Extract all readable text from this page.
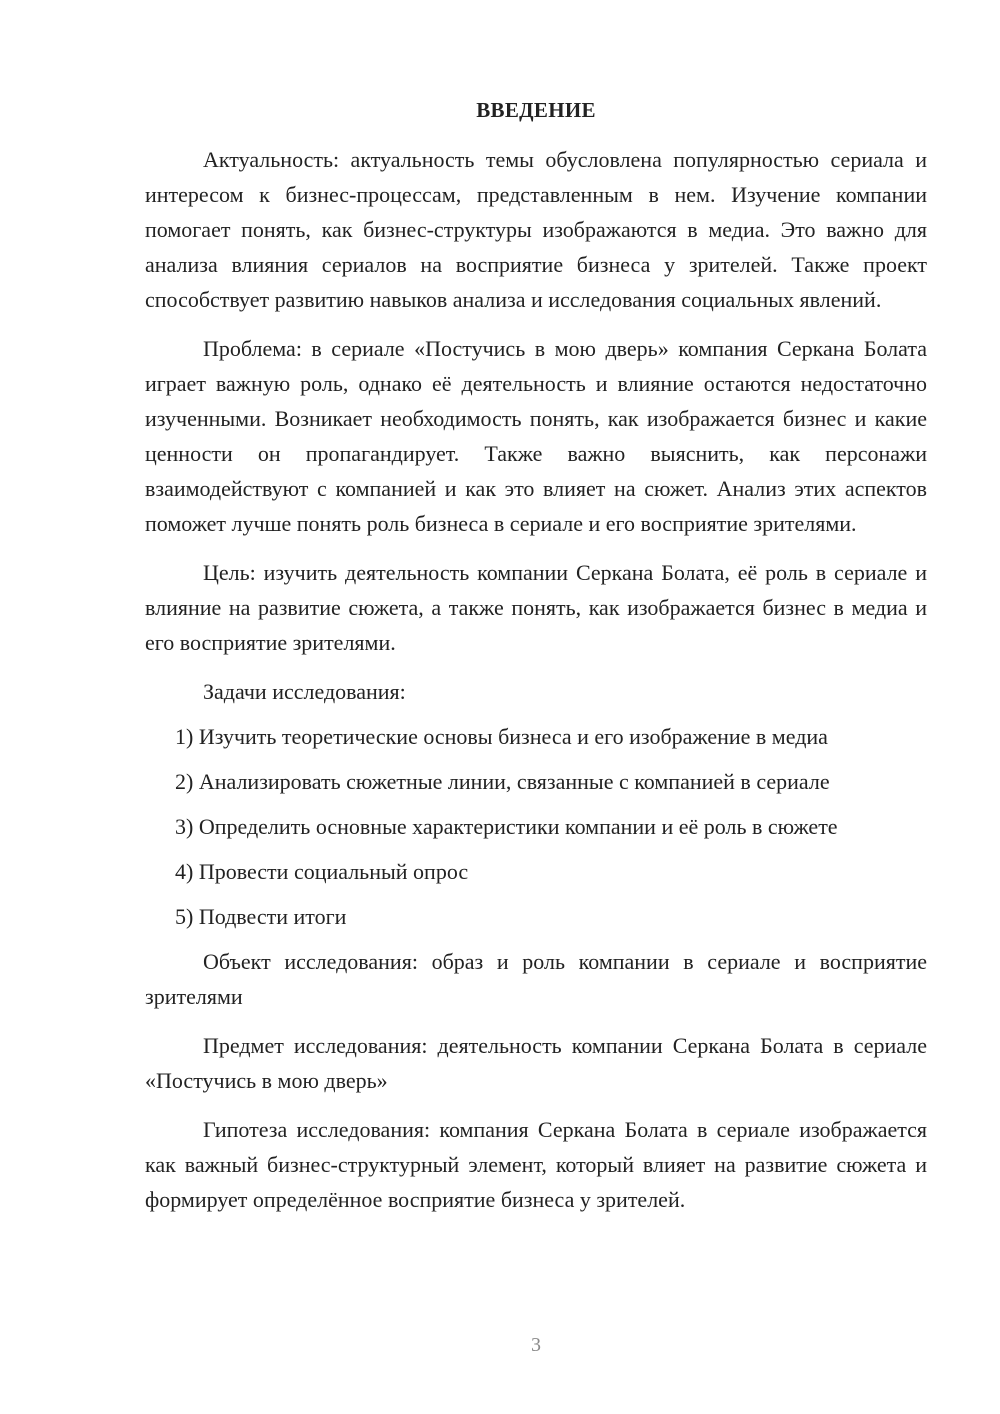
ВВЕДЕНИЕ

Актуальность: актуальность темы обусловлена популярностью сериала и интересом к бизнес-процессам, представленным в нем. Изучение компании помогает понять, как бизнес-структуры изображаются в медиа. Это важно для анализа влияния сериалов на восприятие бизнеса у зрителей. Также проект способствует развитию навыков анализа и исследования социальных явлений.

Проблема: в сериале «Постучись в мою дверь» компания Серкана Болата играет важную роль, однако её деятельность и влияние остаются недостаточно изученными. Возникает необходимость понять, как изображается бизнес и какие ценности он пропагандирует. Также важно выяснить, как персонажи взаимодействуют с компанией и как это влияет на сюжет. Анализ этих аспектов поможет лучше понять роль бизнеса в сериале и его восприятие зрителями.

Цель: изучить деятельность компании Серкана Болата, её роль в сериале и влияние на развитие сюжета, а также понять, как изображается бизнес в медиа и его восприятие зрителями.

Задачи исследования:

1) Изучить теоретические основы бизнеса и его изображение в медиа
2) Анализировать сюжетные линии, связанные с компанией в сериале
3) Определить основные характеристики компании и её роль в сюжете
4) Провести социальный опрос
5) Подвести итоги

Объект исследования: образ и роль компании в сериале и восприятие зрителями

Предмет исследования: деятельность компании Серкана Болата в сериале «Постучись в мою дверь»

Гипотеза исследования: компания Серкана Болата в сериале изображается как важный бизнес-структурный элемент, который влияет на развитие сюжета и формирует определённое восприятие бизнеса у зрителей.

3
